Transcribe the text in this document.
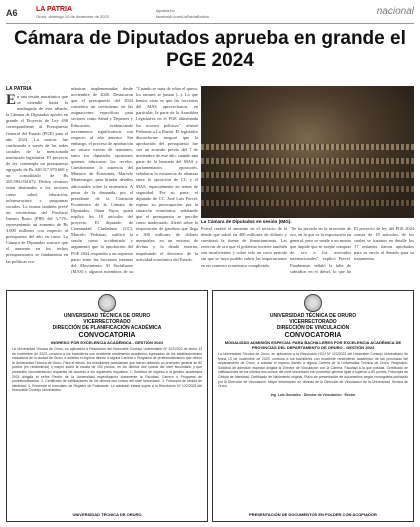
A6	LA PATRIA
Oruro, domingo 10 de diciembre de 2023
lapatria.bo
facebook.com/LaPatriaBolivia	nacional
Cámara de Diputados aprueba en grande el PGE 2024
LA PATRIA
En una sesión maratónica que se extendió hasta la madrugada de este sábado, la Cámara de Diputados aprobó en grande el Proyecto de Ley 490 correspondiente al Presupuesto General del Estado (PGE) para el año 2024. La noticia fue confirmada a través de las redes sociales de la mencionada institución legislativa. El proyecto de ley contempla un presupuesto agregado de Bs 340.317.970.669 y un consolidado de Bs 265.584.034.072. Dichos recursos están destinados a los sectores como salud, educación, infraestructura y programas sociales. La norma también prevé un crecimiento del Producto Interno Bruto (PIB) del 3,71%, representando un aumento de Bs 3.600 millones con respecto al presupuesto del año en curso. La Cámara de Diputados sostuvo que el aumento en los techos presupuestarios se fundamenta en las políticas eco-
nómicas implementadas desde noviembre de 2020. Destacaron que el presupuesto del 2024 considera un crecimiento en las asignaciones específicas para sectores como Salud y Deportes y Educación, evidenciando incrementos significativos con respecto al año anterior. Sin embargo, el proceso de aprobación no estuvo exento de tensiones, tanto los diputados opositores quienes fabricaron los recelos. Cuestionaron la ausencia del Ministro de Economía, Marcelo Montenegro, para brindar detalles adicionales sobre la normativa. A pesar de la demanda, por el presidente de la Comisión Económica de la Cámara de Diputados, Omar Yujra, quien explicó los 18 artículos del proyecto. El diputado de Comunidad Ciudadana (CC), Marcelo Pedrazas, calificó la sesión como accidentada y argumentó que la aprobación del PGE 2024 respondía a un supuesto pacto entre las facciones internas del Movimiento Al Socialismo (MAS) y algunos miembros de su
"Cuando se trata de robar el queso, los ratones se juntan (...). Lo que hemos visto es que las facciones del MAS aprovecharon, en particular, la parte de la Asamblea Legislativa en el PGE aliméntada los accesos políticos", afirmó Pedrazas a La Razón. El legislador disconforme aseguró que la aprobación del presupuesto fue con un acuerdo previo del 7 de noviembre de este año, cuando una parte de la bancada del MAS y parlamentarios opositores, señalaron la existencia de alianzas entre la oposición de CC y el MAS, especialmente en temas de seguridad. Por su parte, el diputado de CC, José Luis Porcel, expuso su preocupación por la situación económica, señalando que el presupuesto se percibe como inadecuado. Alertó sobre la importación de gasolina que llega a 300 millones de dólares mensuales, en un entorno de divisas y la deuda externa, impulsando el descenso de la actividad económica del Estado.
La Cámara de Diputados en sesión (IMG).
Porcel resaltó el aumento en el servicio de la deuda que subió en 400 millones de dólares y cuestionó la fuente de financiamiento. Las reservas de oro que el gobierno invierte también son insuficientes y cubre solo un corto período sin que se haya podido cubrir las importaciones en un contexto económico complicado.
"Se ha privado en la inversión de oro, en lo que es la exportación en general, pero se vende a un monto que impide que se acepte compras de oro a los mercados internacionales", explicó Porcel. Finalmente, señaló la falta de subsidios en el diésel, lo que ha
El proyecto de ley del PGE 2024 consta de 18 artículos, de los cuales se trataron en detalle los 17 restantes fueron aprobados para su envío al Senado para su tratamiento.
UNIVERSIDAD TÉCNICA DE ORURO
VICERRECTORADO
DIRECCIÓN DE PLANIFICACIÓN ACADÉMICA
CONVOCATORIA
INGRESO POR EXCELENCIA ACADÉMICA - GESTIÓN 2024
La Universidad Técnica de Oruro, en aplicación a Resolución del Honorable Consejo Universitario Nº 122/2023 de fecha 13 de noviembre de 2023, convoca a los bachilleres con excelente rendimiento académico egresados de los establecimientos educativos de la ciudad de Oruro, a solicitar el ingreso directo a alguna Carrera o Programa de profesionalización que ofrece la Universidad Técnica de Oruro. Para el efecto, los estudiantes postulantes que fueron obtenido un promedio general de 80 puntos (en rendimiento) o mayor sobre la escala de 100 puntos, en los últimos dos cursos del nivel secundario y que presenten documentación requerida de acuerdo a los siguientes requisitos: 1. Solicitud de ingreso a la gestión académica 2024 dirigida al señor Rector de la Universidad especificando claramente la Facultad, Carrera o Programa de profesionalización. 2. Certificado de calificaciones de los últimos dos cursos del nivel secundario. 3. Fotocopia de cédula de identidad. 4. Presentar el formulario de Registro de Postulante. La admisión estará sujeta a la Resolución Nº 122/2023 del Honorable Consejo Universitario.
UNIVERSIDAD TÉCNICA DE ORURO
UNIVERSIDAD TÉCNICA DE ORURO
VICERRECTORADO
DIRECCIÓN DE VINCULACIÓN
CONVOCATORIA
MODALIDAD ADMISIÓN ESPECIAL PARA BACHILLERES POR EXCELENCIA ACADÉMICA DE PROVINCIAS DEL DEPARTAMENTO DE ORURO - GESTIÓN 2024
La Universidad Técnica de Oruro, en aplicación a la Resolución HCU Nº 122/2023 del Honorable Consejo Universitario de fecha 13 de noviembre de 2023, convoca a los bachilleres con excelente rendimiento académico de las provincias del departamento de Oruro, a solicitar el ingreso directo a alguna Carrera de la Universidad Técnica de Oruro. Requisitos: Solicitud de admisión especial dirigida al Director de Vinculación con la Carrera, Facultad a la que postula. Certificado de calificaciones de los últimos dos cursos del nivel secundario con promedio general igual o superior a 80 puntos. Fotocopia de Cédula de Identidad. Certificado de Nacimiento original. Plazo de presentación de documentos según cronograma publicado por la Dirección de Vinculación. Mayor información en oficinas de la Dirección de Vinculación de la Universidad Técnica de Oruro.
Ing. Luis Gonzales · Director de Vinculación · Rector
PRESENTACIÓN DE DOCUMENTOS EN FOLDER CON ACOPIADOR
